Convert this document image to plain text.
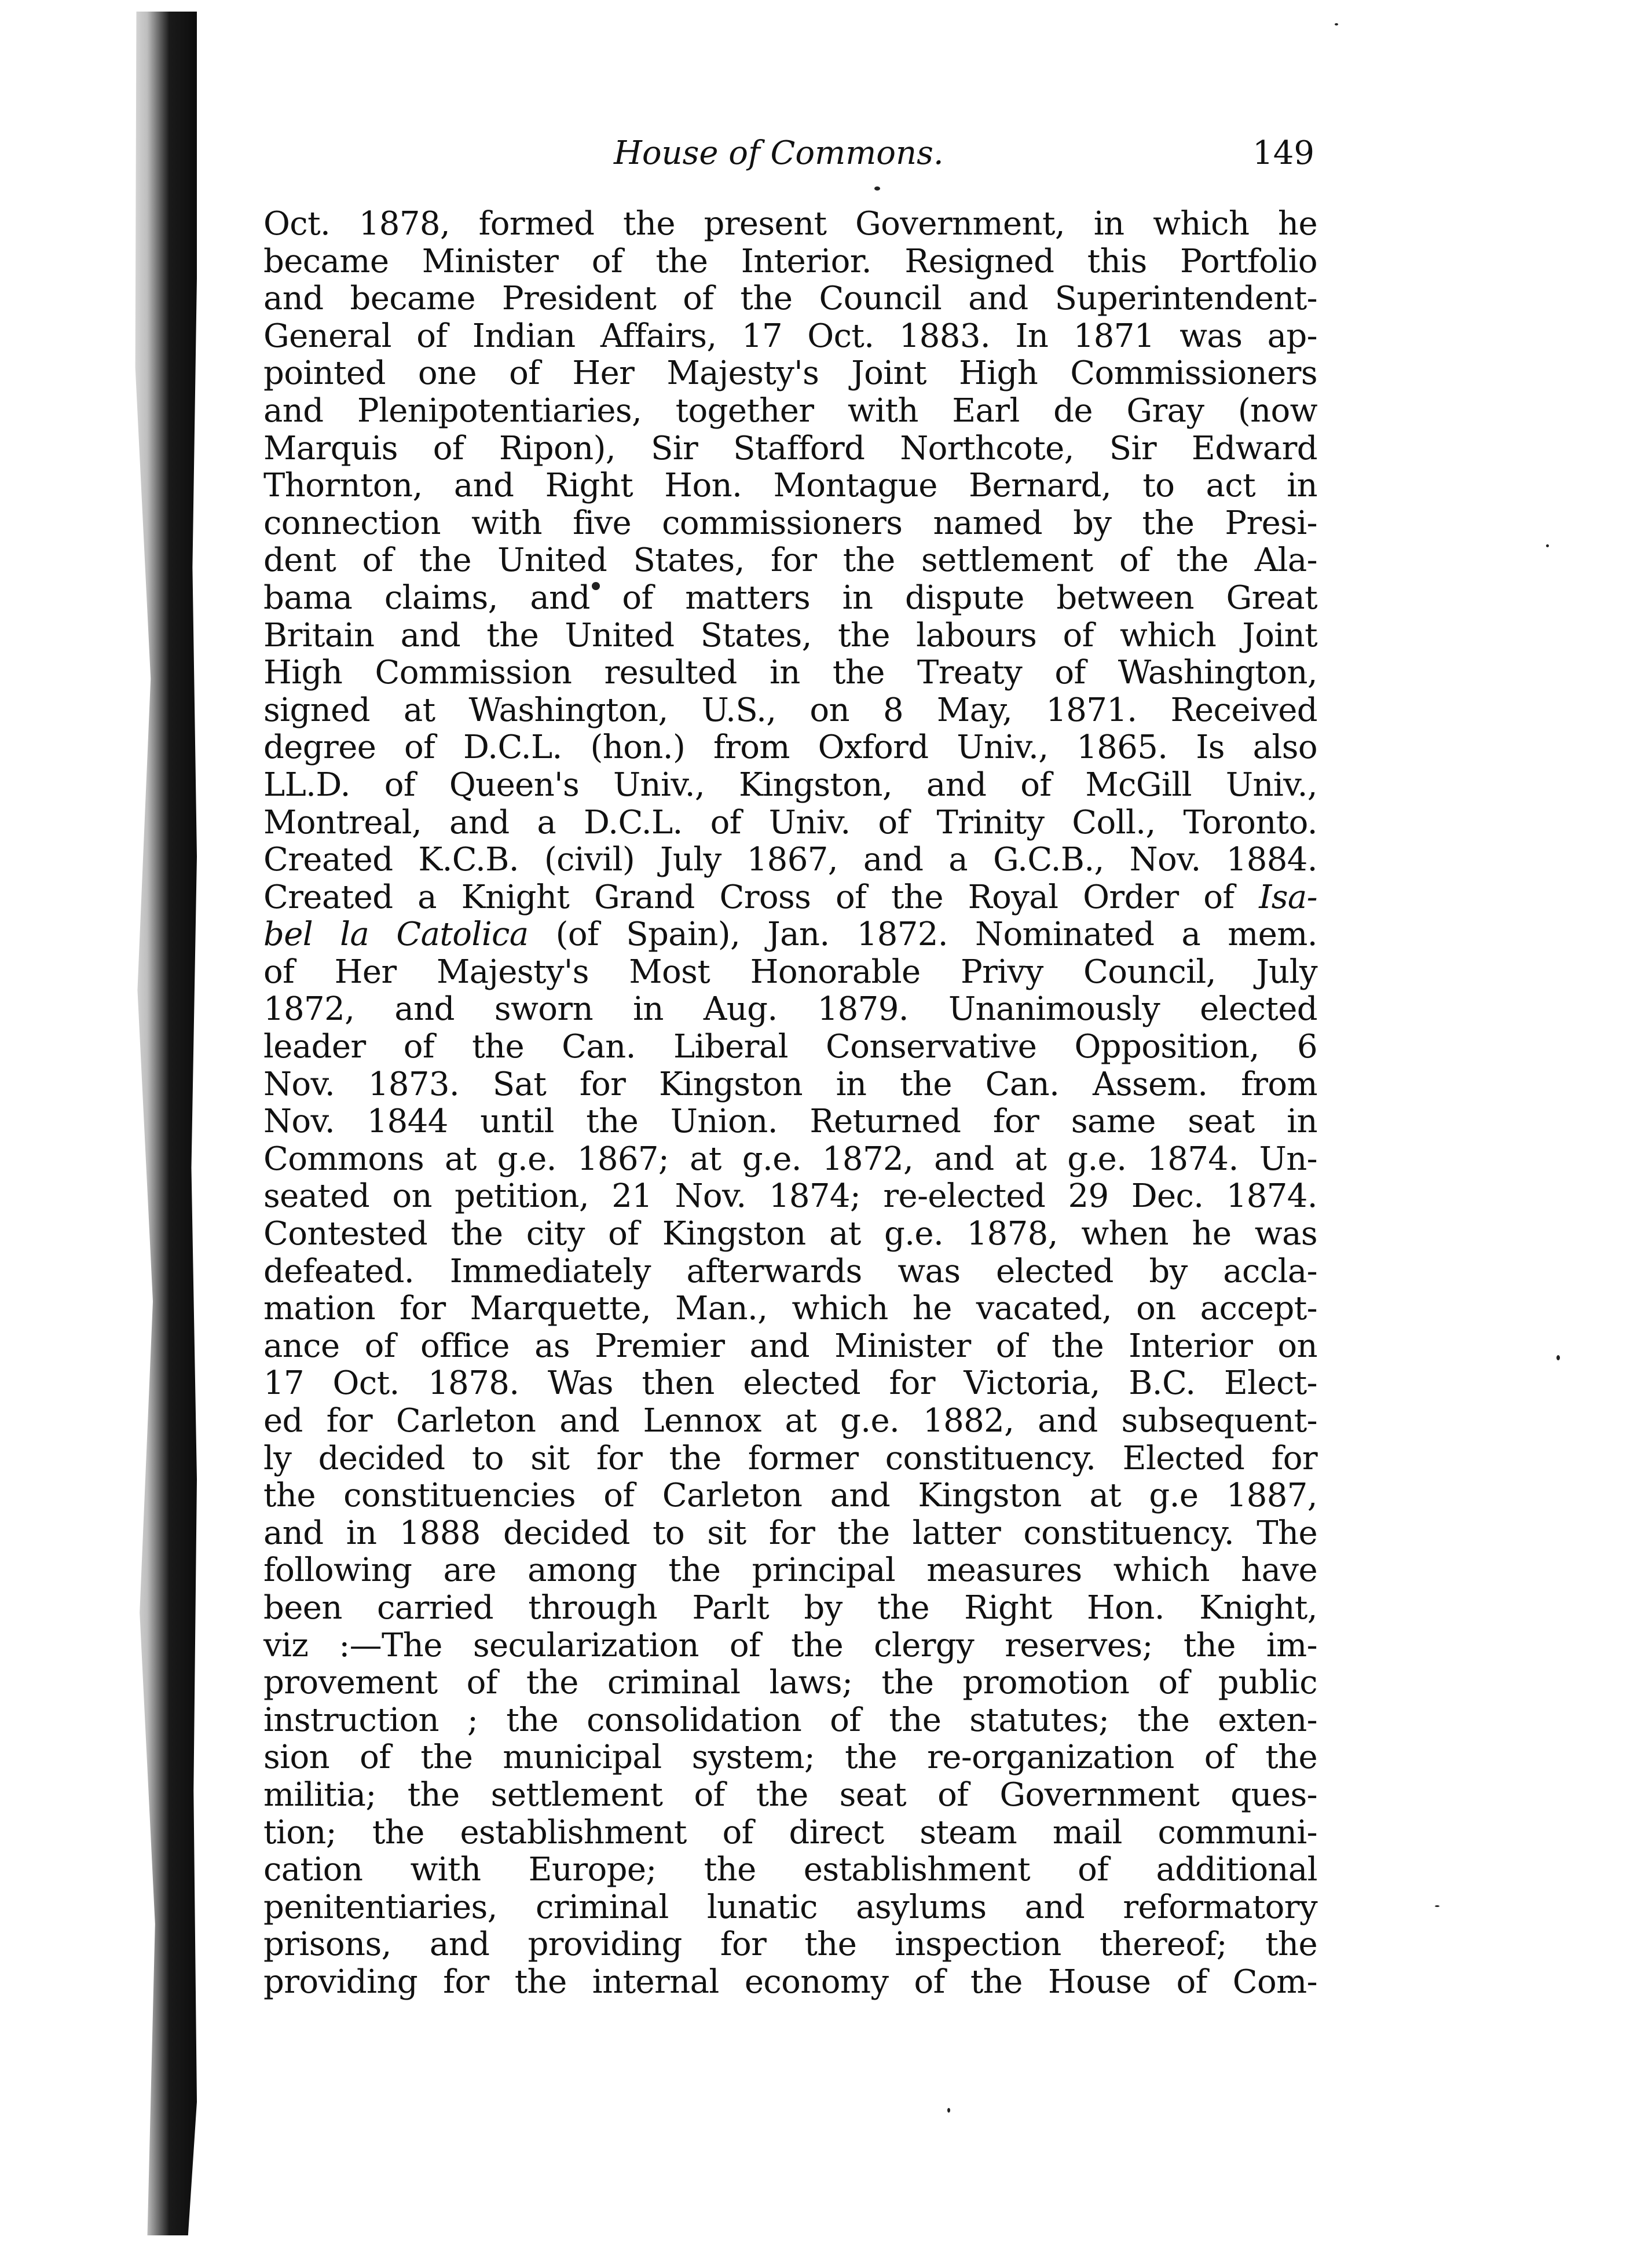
House of Commons.	149
Oct. 1878, formed the present Government, in which he
became Minister of the Interior. Resigned this Portfolio
and became President of the Council and Superintendent-
General of Indian Affairs, 17 Oct. 1883. In 1871 was ap-
pointed one of Her Majesty's Joint High Commissioners
and Plenipotentiaries, together with Earl de Gray (now
Marquis of Ripon), Sir Stafford Northcote, Sir Edward
Thornton, and Right Hon. Montague Bernard, to act in
connection with five commissioners named by the Presi-
dent of the United States, for the settlement of the Ala-
bama claims, and of matters in dispute between Great
Britain and the United States, the labours of which Joint
High Commission resulted in the Treaty of Washington,
signed at Washington, U.S., on 8 May, 1871. Received
degree of D.C.L. (hon.) from Oxford Univ., 1865. Is also
LL.D. of Queen's Univ., Kingston, and of McGill Univ.,
Montreal, and a D.C.L. of Univ. of Trinity Coll., Toronto.
Created K.C.B. (civil) July 1867, and a G.C.B., Nov. 1884.
Created a Knight Grand Cross of the Royal Order of Isa-
bel la Catolica (of Spain), Jan. 1872. Nominated a mem.
of Her Majesty's Most Honorable Privy Council, July
1872, and sworn in Aug. 1879. Unanimously elected
leader of the Can. Liberal Conservative Opposition, 6
Nov. 1873. Sat for Kingston in the Can. Assem. from
Nov. 1844 until the Union. Returned for same seat in
Commons at g.e. 1867; at g.e. 1872, and at g.e. 1874. Un-
seated on petition, 21 Nov. 1874; re-elected 29 Dec. 1874.
Contested the city of Kingston at g.e. 1878, when he was
defeated. Immediately afterwards was elected by accla-
mation for Marquette, Man., which he vacated, on accept-
ance of office as Premier and Minister of the Interior on
17 Oct. 1878. Was then elected for Victoria, B.C. Elect-
ed for Carleton and Lennox at g.e. 1882, and subsequent-
ly decided to sit for the former constituency. Elected for
the constituencies of Carleton and Kingston at g.e 1887,
and in 1888 decided to sit for the latter constituency. The
following are among the principal measures which have
been carried through Parlt by the Right Hon. Knight,
viz :—The secularization of the clergy reserves; the im-
provement of the criminal laws; the promotion of public
instruction ; the consolidation of the statutes; the exten-
sion of the municipal system; the re-organization of the
militia; the settlement of the seat of Government ques-
tion; the establishment of direct steam mail communi-
cation with Europe; the establishment of additional
penitentiaries, criminal lunatic asylums and reformatory
prisons, and providing for the inspection thereof; the
providing for the internal economy of the House of Com-
